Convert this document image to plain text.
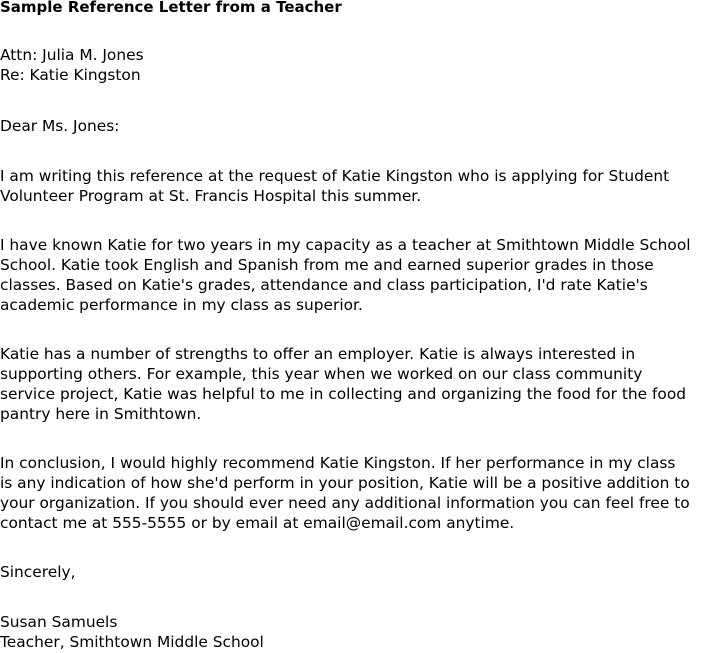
Sample Reference Letter from a Teacher
Attn: Julia M. Jones
Re: Katie Kingston
Dear Ms. Jones:
I am writing this reference at the request of Katie Kingston who is applying for Student
Volunteer Program at St. Francis Hospital this summer.
I have known Katie for two years in my capacity as a teacher at Smithtown Middle School
School. Katie took English and Spanish from me and earned superior grades in those
classes. Based on Katie's grades, attendance and class participation, I'd rate Katie's
academic performance in my class as superior.
Katie has a number of strengths to offer an employer. Katie is always interested in
supporting others. For example, this year when we worked on our class community
service project, Katie was helpful to me in collecting and organizing the food for the food
pantry here in Smithtown.
In conclusion, I would highly recommend Katie Kingston. If her performance in my class
is any indication of how she'd perform in your position, Katie will be a positive addition to
your organization. If you should ever need any additional information you can feel free to
contact me at 555-5555 or by email at email@email.com anytime.
Sincerely,
Susan Samuels
Teacher, Smithtown Middle School
